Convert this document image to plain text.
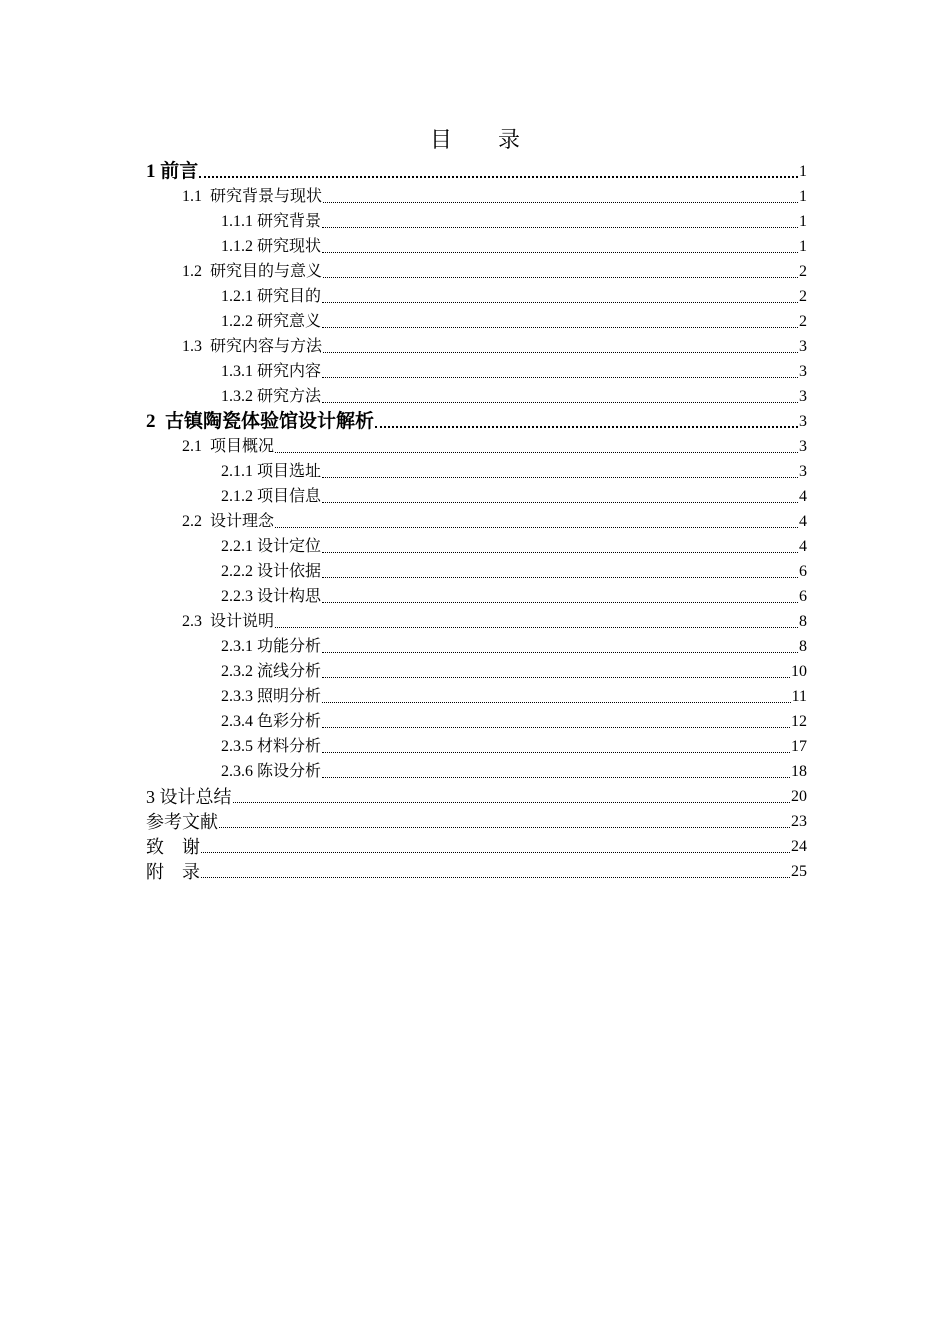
目 录
1 前言	1
1.1  研究背景与现状	1
1.1.1 研究背景	1
1.1.2 研究现状	1
1.2  研究目的与意义	2
1.2.1 研究目的	2
1.2.2 研究意义	2
1.3  研究内容与方法	3
1.3.1 研究内容	3
1.3.2 研究方法	3
2  古镇陶瓷体验馆设计解析	3
2.1  项目概况	3
2.1.1 项目选址	3
2.1.2 项目信息	4
2.2  设计理念	4
2.2.1 设计定位	4
2.2.2 设计依据	6
2.2.3 设计构思	6
2.3  设计说明	8
2.3.1 功能分析	8
2.3.2 流线分析	10
2.3.3 照明分析	11
2.3.4 色彩分析	12
2.3.5 材料分析	17
2.3.6 陈设分析	18
3 设计总结	20
参考文献	23
致    谢	24
附    录	25
